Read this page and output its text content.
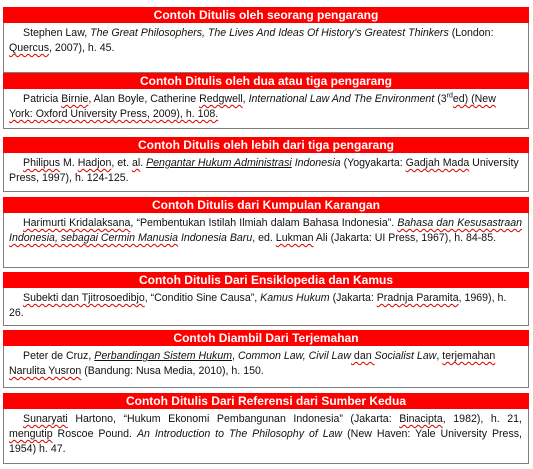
Contoh Ditulis oleh seorang pengarang
Stephen Law, The Great Philosophers, The Lives And Ideas Of History’s Greatest Thinkers (London: Quercus, 2007), h. 45.
Contoh Ditulis oleh dua atau tiga pengarang
Patricia Birnie, Alan Boyle, Catherine Redgwell, International Law And The Environment (3rded) (New York: Oxford University Press, 2009), h. 108.
Contoh Ditulis oleh lebih dari tiga pengarang
Philipus M. Hadjon, et. al. Pengantar Hukum Administrasi Indonesia (Yogyakarta: Gadjah Mada University Press, 1997), h. 124-125.
Contoh Ditulis dari Kumpulan Karangan
Harimurti Kridalaksana, “Pembentukan Istilah Ilmiah dalam Bahasa Indonesia”. Bahasa dan Kesusastraan Indonesia, sebagai Cermin Manusia Indonesia Baru, ed. Lukman Ali (Jakarta: UI Press, 1967), h. 84-85.
Contoh Ditulis Dari Ensiklopedia dan Kamus
Subekti dan Tjitrosoedibjo, “Conditio Sine Causa”, Kamus Hukum (Jakarta: Pradnja Paramita, 1969), h. 26.
Contoh Diambil Dari Terjemahan
Peter de Cruz, Perbandingan Sistem Hukum, Common Law, Civil Law dan Socialist Law, terjemahan Narulita Yusron (Bandung: Nusa Media, 2010), h. 150.
Contoh Ditulis Dari Referensi dari Sumber Kedua
Sunaryati Hartono, “Hukum Ekonomi Pembangunan Indonesia” (Jakarta: Binacipta, 1982), h. 21, mengutip Roscoe Pound. An Introduction to The Philosophy of Law (New Haven: Yale University Press, 1954) h. 47.
